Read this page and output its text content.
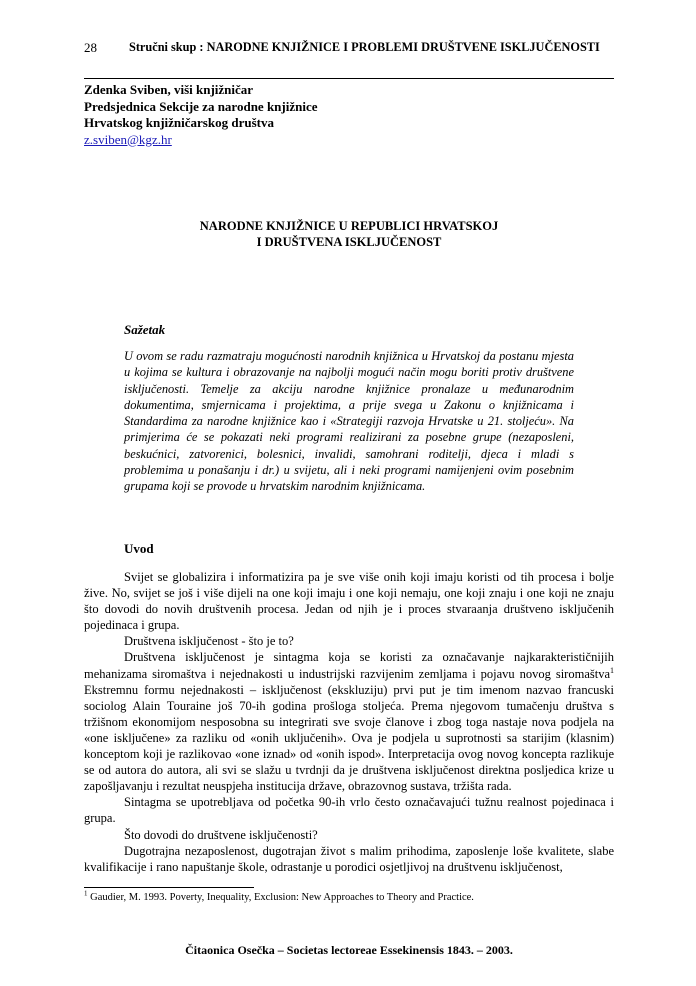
28	Stručni skup : NARODNE KNJIŽNICE I PROBLEMI DRUŠTVENE ISKLJUČENOSTI
Zdenka Sviben, viši knjižničar
Predsjednica Sekcije za narodne knjižnice
Hrvatskog knjižničarskog društva
z.sviben@kgz.hr
NARODNE KNJIŽNICE U REPUBLICI HRVATSKOJ
I DRUŠTVENA ISKLJUČENOST
Sažetak
U ovom se radu razmatraju mogućnosti narodnih knjižnica u Hrvatskoj da postanu mjesta u kojima se kultura i obrazovanje na najbolji mogući način mogu boriti protiv društvene isključenosti. Temelje za akciju narodne knjižnice pronalaze u međunarodnim dokumentima, smjernicama i projektima, a prije svega u Zakonu o knjižnicama i Standardima za narodne knjižnice kao i «Strategiji razvoja Hrvatske u 21. stoljeću». Na primjerima će se pokazati neki programi realizirani za posebne grupe (nezaposleni, beskućnici, zatvorenici, bolesnici, invalidi, samohrani roditelji, djeca i mladi s problemima u ponašanju i dr.) u svijetu, ali i neki programi namijenjeni ovim posebnim grupama koji se provode u hrvatskim narodnim knjižnicama.
Uvod

Svijet se globalizira i informatizira pa je sve više onih koji imaju koristi od tih procesa i bolje žive. No, svijet se još i više dijeli na one koji imaju i one koji nemaju, one koji znaju i one koji ne znaju što dovodi do novih društvenih procesa. Jedan od njih je i proces stvaraanja društveno isključenih pojedinaca i grupa.

Društvena isključenost - što je to?

Društvena isključenost je sintagma koja se koristi za označavanje najkarakterističnijih mehanizama siromaštva i nejednakosti u industrijski razvijenim zemljama i pojavu novog siromaštva$^1$ Ekstremnu formu nejednakosti – isključenost (ekskluziju) prvi put je tim imenom nazvao francuski sociolog Alain Touraine još 70-ih godina prošloga stoljeća. Prema njegovom tumačenju društva s tržišnom ekonomijom nesposobna su integrirati sve svoje članove i zbog toga nastaje nova podjela na «one isključene» za razliku od «onih uključenih». Ova je podjela u suprotnosti sa starijim (klasnim) konceptom koji je razlikovao «one iznad» od «onih ispod». Interpretacija ovog novog koncepta razlikuje se od autora do autora, ali svi se slažu u tvrdnji da je društvena isključenost direktna posljedica krize u zapošljavanju i rezultat neuspjeha institucija države, obrazovnog sustava, tržišta rada.

Sintagma se upotrebljava od početka 90-ih vrlo često označavajući tužnu realnost pojedinaca i grupa.

Što dovodi do društvene isključenosti?

Dugotrajna nezaposlenost, dugotrajan život s malim prihodima, zaposlenje loše kvalitete, slabe kvalifikacije i rano napuštanje škole, odrastanje u porodici osjetljivoj na društvenu isključenost,

$^1$ Gaudier, M. 1993. Poverty, Inequality, Exclusion: New Approaches to Theory and Practice.
Čitaonica Osečka – Societas lectoreae Essekinensis 1843. – 2003.
